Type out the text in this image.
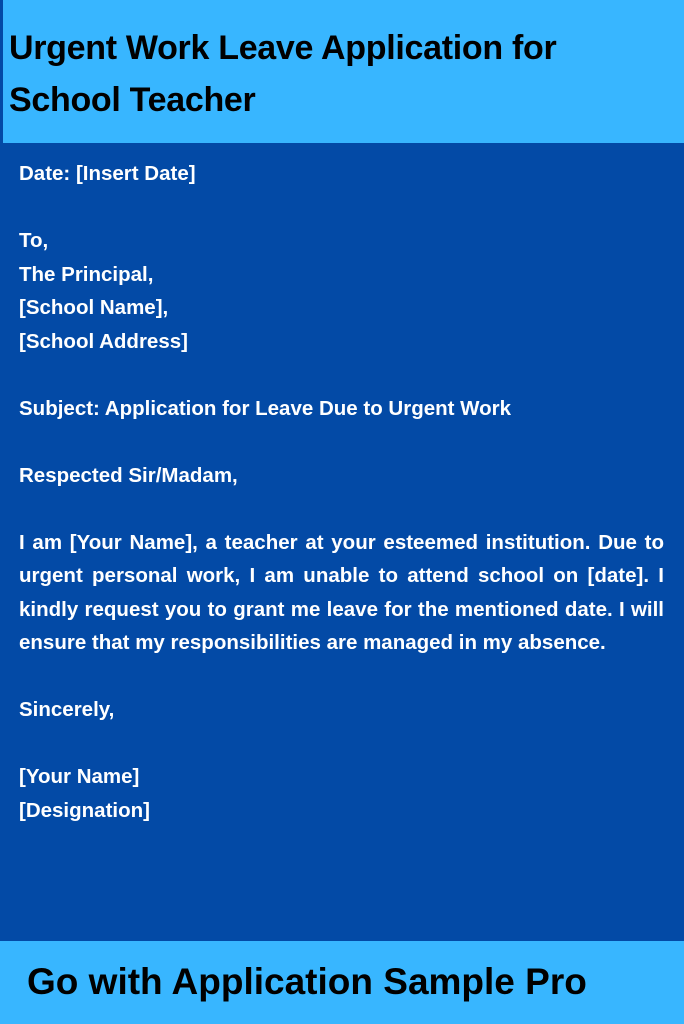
Urgent Work Leave Application for School Teacher

Date: [Insert Date]

To,

The Principal,

[School Name],

[School Address]

Subject: Application for Leave Due to Urgent Work

Respected Sir/Madam,

I am [Your Name], a teacher at your esteemed institution. Due to urgent personal work, I am unable to attend school on [date]. I kindly request you to grant me leave for the mentioned date. I will ensure that my responsibilities are managed in my absence.

Sincerely,

[Your Name]

[Designation]

Go with Application Sample Pro
